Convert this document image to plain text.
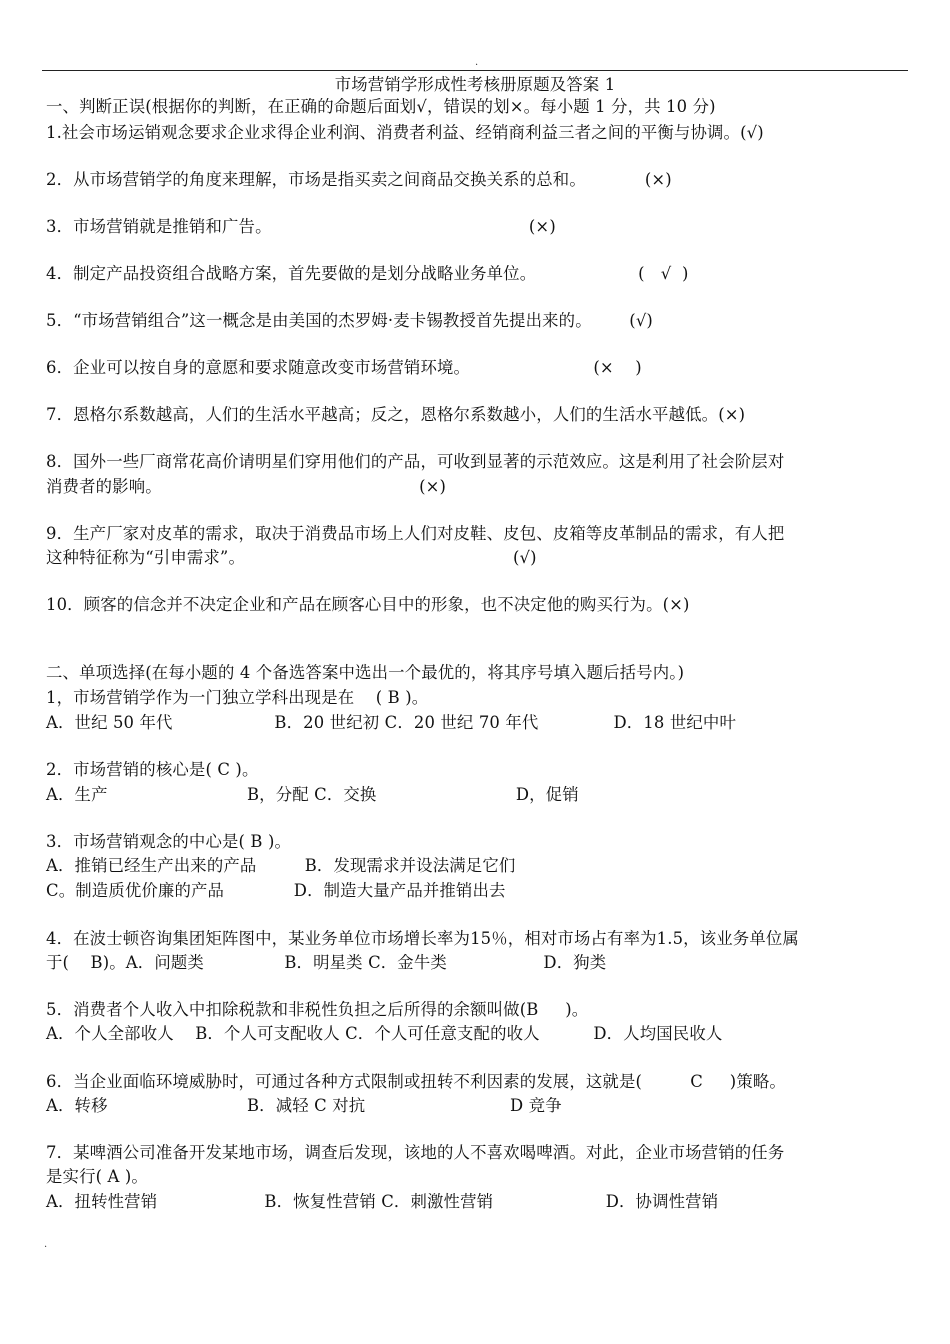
.
市场营销学形成性考核册原题及答案 1
一、判断正误(根据你的判断，在正确的命题后面划√，错误的划×。每小题 1 分，共 10 分)
1.社会市场运销观念要求企业求得企业利润、消费者利益、经销商利益三者之间的平衡与协调。(√)
2．从市场营销学的角度来理解，市场是指买卖之间商品交换关系的总和。           (×)
3．市场营销就是推销和广告。                                                (×)
4．制定产品投资组合战略方案，首先要做的是划分战略业务单位。                   (   √  )
5．“市场营销组合”这一概念是由美国的杰罗姆·麦卡锡教授首先提出来的。       (√)
6．企业可以按自身的意愿和要求随意改变市场营销环境。                       (×    )
7．恩格尔系数越高，人们的生活水平越高；反之，恩格尔系数越小，人们的生活水平越低。(×)
8．国外一些厂商常花高价请明星们穿用他们的产品，可收到显著的示范效应。这是利用了社会阶层对
消费者的影响。                                                (×)
9．生产厂家对皮革的需求，取决于消费品市场上人们对皮鞋、皮包、皮箱等皮革制品的需求，有人把
这种特征称为“引申需求”。                                                  (√)
10．顾客的信念并不决定企业和产品在顾客心目中的形象，也不决定他的购买行为。(×)
二、单项选择(在每小题的 4 个备选答案中选出一个最优的，将其序号填入题后括号内。)
1，市场营销学作为一门独立学科出现是在    ( B )。
A．世纪 50 年代                   B．20 世纪初 C．20 世纪 70 年代              D．18 世纪中叶
2．市场营销的核心是( C )。
A．生产                          B，分配 C．交换                          D，促销
3．市场营销观念的中心是( B )。
A．推销已经生产出来的产品         B．发现需求并设法满足它们
C。制造质优价廉的产品             D．制造大量产品并推销出去
4．在波士顿咨询集团矩阵图中，某业务单位市场增长率为15％，相对市场占有率为1.5，该业务单位属
于(    B)。A．问题类               B．明星类 C．金牛类                  D．狗类
5．消费者个人收入中扣除税款和非税性负担之后所得的余额叫做(B     )。
A．个人全部收人    B．个人可支配收人 C．个人可任意支配的收人          D．人均国民收人
6．当企业面临环境威胁时，可通过各种方式限制或扭转不利因素的发展，这就是(         C     )策略。
A．转移                          B．减轻 C 对抗                           D 竞争
7．某啤酒公司准备开发某地市场，调查后发现，该地的人不喜欢喝啤酒。对此，企业市场营销的任务
是实行( A )。
A．扭转性营销                    B．恢复性营销 C．刺激性营销                     D．协调性营销
.
